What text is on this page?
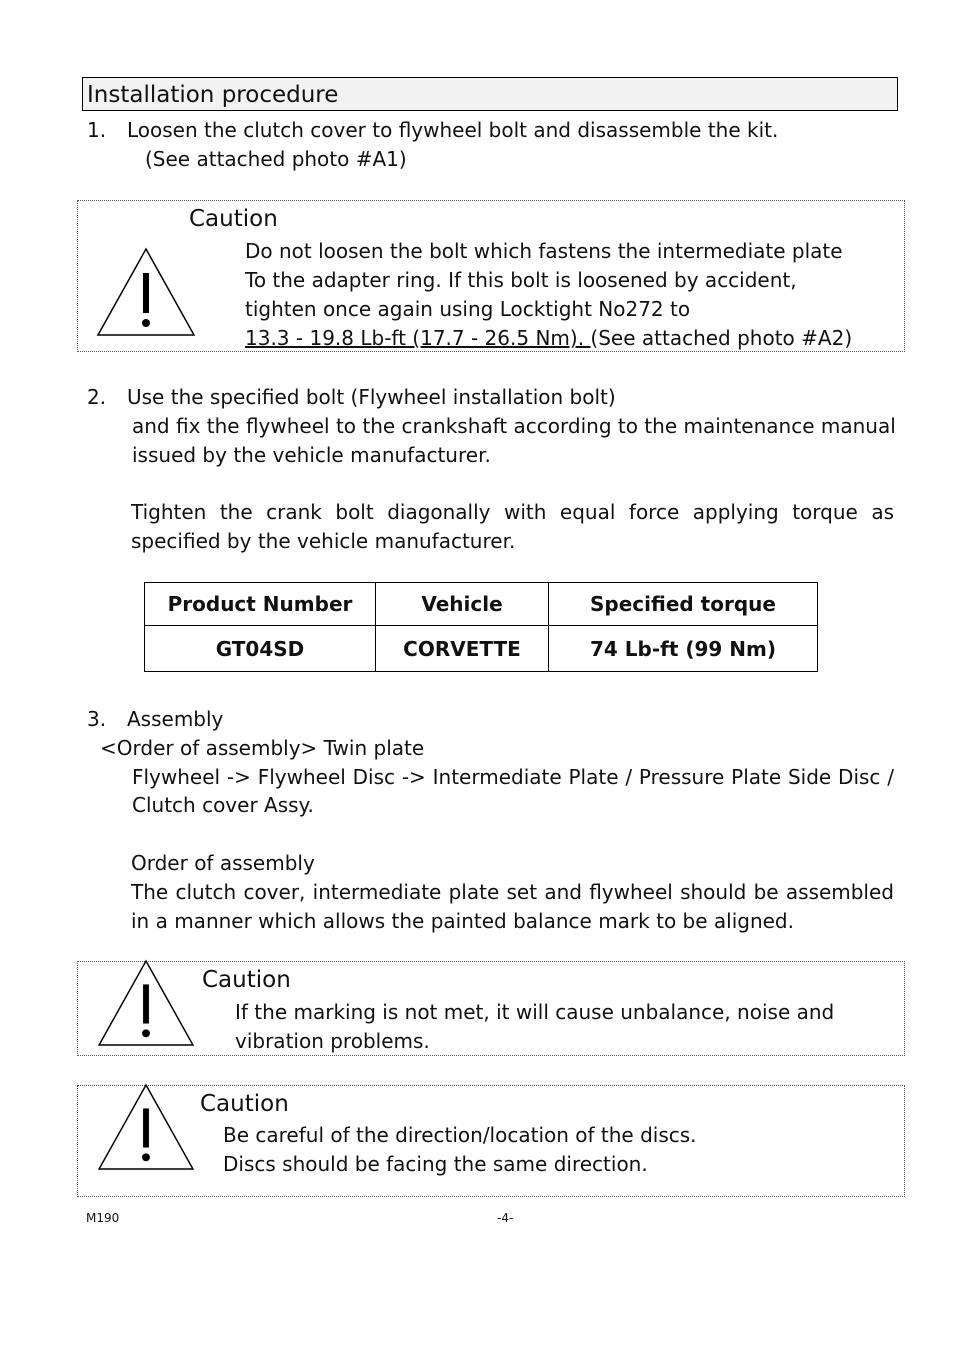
Installation procedure
1. Loosen the clutch cover to flywheel bolt and disassemble the kit.
(See attached photo #A1)
Caution
Do not loosen the bolt which fastens the intermediate plate
To the adapter ring. If this bolt is loosened by accident,
tighten once again using Locktight No272 to
13.3 - 19.8 Lb-ft (17.7 - 26.5 Nm). (See attached photo #A2)
2. Use the specified bolt (Flywheel installation bolt)
and fix the flywheel to the crankshaft according to the maintenance manual
issued by the vehicle manufacturer.
Tighten the crank bolt diagonally with equal force applying torque as
specified by the vehicle manufacturer.
Product Number	Vehicle	Specified torque
GT04SD	CORVETTE	74 Lb-ft (99 Nm)
3. Assembly
<Order of assembly> Twin plate
Flywheel -> Flywheel Disc -> Intermediate Plate / Pressure Plate Side Disc /
Clutch cover Assy.
Order of assembly
The clutch cover, intermediate plate set and flywheel should be assembled
in a manner which allows the painted balance mark to be aligned.
Caution
If the marking is not met, it will cause unbalance, noise and
vibration problems.
Caution
Be careful of the direction/location of the discs.
Discs should be facing the same direction.
M190	-4-
